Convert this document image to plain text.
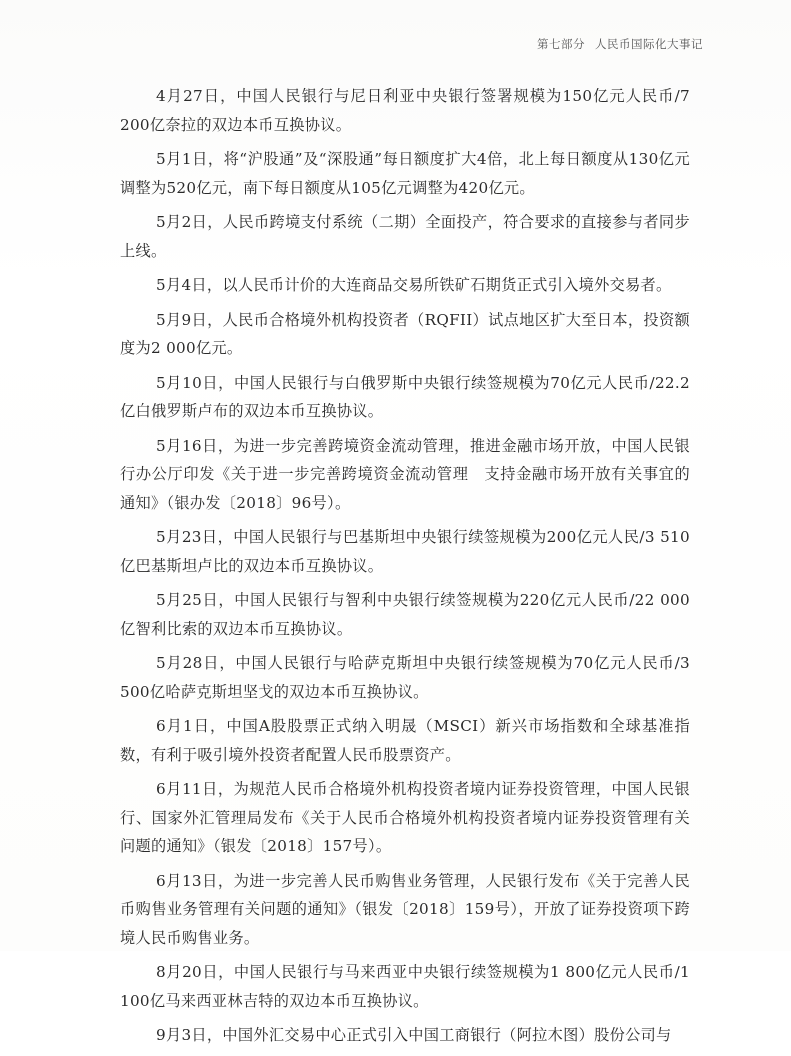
第七部分 人民币国际化大事记

4月27日，中国人民银行与尼日利亚中央银行签署规模为150亿元人民币/7 200亿奈拉的双边本币互换协议。

5月1日，将“沪股通”及“深股通”每日额度扩大4倍，北上每日额度从130亿元调整为520亿元，南下每日额度从105亿元调整为420亿元。

5月2日，人民币跨境支付系统（二期）全面投产，符合要求的直接参与者同步上线。

5月4日，以人民币计价的大连商品交易所铁矿石期货正式引入境外交易者。

5月9日，人民币合格境外机构投资者（RQFII）试点地区扩大至日本，投资额度为2 000亿元。

5月10日，中国人民银行与白俄罗斯中央银行续签规模为70亿元人民币/22.2亿白俄罗斯卢布的双边本币互换协议。

5月16日，为进一步完善跨境资金流动管理，推进金融市场开放，中国人民银行办公厅印发《关于进一步完善跨境资金流动管理　支持金融市场开放有关事宜的通知》（银办发〔2018〕96号）。

5月23日，中国人民银行与巴基斯坦中央银行续签规模为200亿元人民/3 510亿巴基斯坦卢比的双边本币互换协议。

5月25日，中国人民银行与智利中央银行续签规模为220亿元人民币/22 000亿智利比索的双边本币互换协议。

5月28日，中国人民银行与哈萨克斯坦中央银行续签规模为70亿元人民币/3 500亿哈萨克斯坦坚戈的双边本币互换协议。

6月1日，中国A股股票正式纳入明晟（MSCI）新兴市场指数和全球基准指数，有利于吸引境外投资者配置人民币股票资产。

6月11日，为规范人民币合格境外机构投资者境内证券投资管理，中国人民银行、国家外汇管理局发布《关于人民币合格境外机构投资者境内证券投资管理有关问题的通知》（银发〔2018〕157号）。

6月13日，为进一步完善人民币购售业务管理，人民银行发布《关于完善人民币购售业务管理有关问题的通知》（银发〔2018〕159号），开放了证券投资项下跨境人民币购售业务。

8月20日，中国人民银行与马来西亚中央银行续签规模为1 800亿元人民币/1 100亿马来西亚林吉特的双边本币互换协议。

9月3日，中国外汇交易中心正式引入中国工商银行（阿拉木图）股份公司与
